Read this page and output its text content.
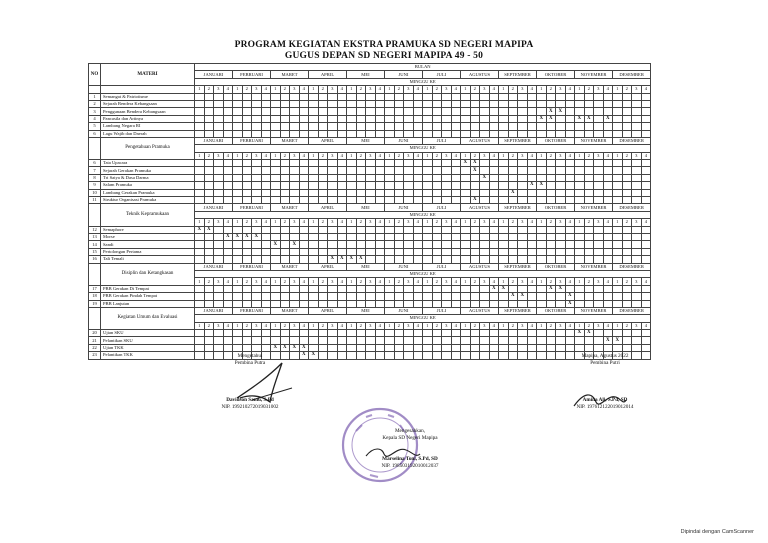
PROGRAM KEGIATAN EKSTRA PRAMUKA SD NEGERI MAPIPA
GUGUS DEPAN SD NEGERI MAPIPA 49 - 50
NO	MATERI	BULAN																																															
		JANUARI				FEBRUARI				MARET				APRIL				MEI				JUNI				JULI				AGUSTUS				SEPTEMBER				OKTOBER				NOVEMBER				DESEMBER			
		MINGGU KE																																															
		1	2	3	4	1	2	3	4	1	2	3	4	1	2	3	4	1	2	3	4	1	2	3	4	1	2	3	4	1	2	3	4	1	2	3	4	1	2	3	4	1	2	3	4	1	2	3	4
1	Semangat & Patriotisme																																																
2	Sejarah Bendera Kebangsaan																																																
3	Penggunaan Bendera Kebangsaan																																						X	X									
4	Pancasila dan Artinya																																					X	X			X	X		X				
5	Lambang Negara RI																																																
6	Lagu Wajib dan Daerah																																																
	Pengetahuan Pramuka	JANUARI				FEBRUARI				MARET				APRIL				MEI				JUNI				JULI				AGUSTUS				SEPTEMBER				OKTOBER				NOVEMBER				DESEMBER			
		MINGGU KE																																															
		1	2	3	4	1	2	3	4	1	2	3	4	1	2	3	4	1	2	3	4	1	2	3	4	1	2	3	4	1	2	3	4	1	2	3	4	1	2	3	4	1	2	3	4	1	2	3	4
6	Tata Upacara																													X	X																		
7	Sejarah Gerakan Pramuka																														X																		
8	Tri Satya & Dasa Darma																															X																	
9	Salam Pramuka																																				X	X											
10	Lambang Gerakan Pramuka																																		X														
11	Struktur Organisasi Pramuka																														X																		
	Teknik Kepramukaan	JANUARI				FEBRUARI				MARET				APRIL				MEI				JUNI				JULI				AGUSTUS				SEPTEMBER				OKTOBER				NOVEMBER				DESEMBER			
		MINGGU KE																																															
		1	2	3	4	1	2	3	4	1	2	3	4	1	2	3	4	1	2	3	4	1	2	3	4	1	2	3	4	1	2	3	4	1	2	3	4	1	2	3	4	1	2	3	4	1	2	3	4
12	Semaphore	X	X																																														
13	Morse				X	X	X	X																																									
14	Sandi									X		X																																					
15	Pertolongan Pertama																																																
16	Tali Temali															X	X	X	X																														
	Disiplin dan Ketangkasan	JANUARI				FEBRUARI				MARET				APRIL				MEI				JUNI				JULI				AGUSTUS				SEPTEMBER				OKTOBER				NOVEMBER				DESEMBER			
		MINGGU KE																																															
		1	2	3	4	1	2	3	4	1	2	3	4	1	2	3	4	1	2	3	4	1	2	3	4	1	2	3	4	1	2	3	4	1	2	3	4	1	2	3	4	1	2	3	4	1	2	3	4
17	PBB Gerakan Di Tempat																																X	X					X	X									
18	PBB Gerakan Pindah Tempat																																		X	X					X								
19	PBB Lanjutan																																								X								
	Kegiatan Umum dan Evaluasi	JANUARI				FEBRUARI				MARET				APRIL				MEI				JUNI				JULI				AGUSTUS				SEPTEMBER				OKTOBER				NOVEMBER				DESEMBER			
		MINGGU KE																																															
		1	2	3	4	1	2	3	4	1	2	3	4	1	2	3	4	1	2	3	4	1	2	3	4	1	2	3	4	1	2	3	4	1	2	3	4	1	2	3	4	1	2	3	4	1	2	3	4
20	Ujian SKU																																									X	X						
21	Pelantikan SKU																																												X	X			
22	Ujian TKK									X	X	X	X																																				
23	Pelantikan TKK												X	X																																			
Mengetahui
Pembina Putra
Davidson Samu, S.Pd
NIP. 199210272019031002
Mapipa, Agustus 2022
Pembina Putri
Amina Ali, S.Pd, SD
NIP. 197612122019012014
Mengesahkan,
Kepala SD Negeri Mapipa
Marselina Toni, S.Pd, SD
NIP. 198503192010012037
Dipindai dengan CamScanner
